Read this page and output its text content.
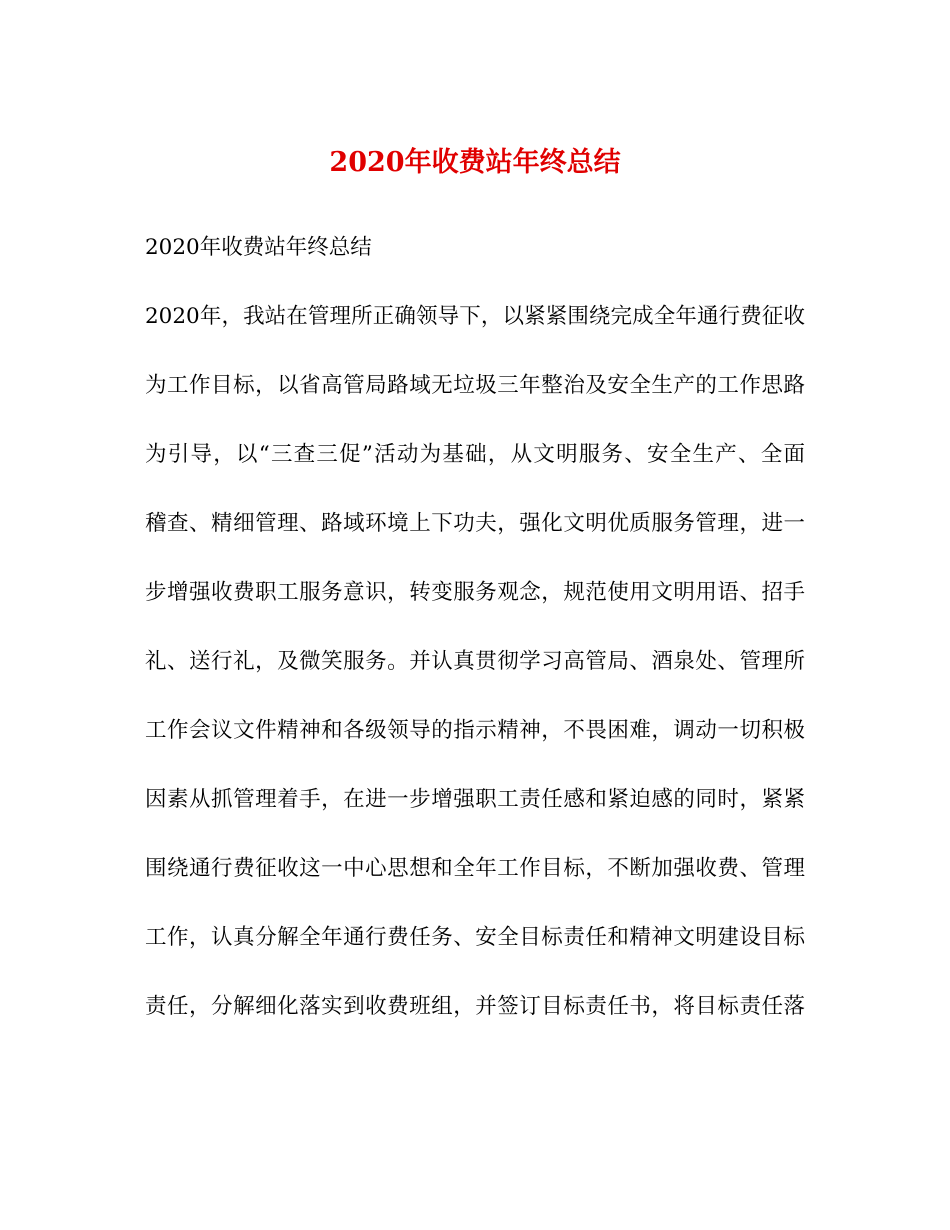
2020年收费站年终总结
2020年收费站年终总结
2020年，我站在管理所正确领导下，以紧紧围绕完成全年通行费征收
为工作目标，以省高管局路域无垃圾三年整治及安全生产的工作思路
为引导，以“三查三促”活动为基础，从文明服务、安全生产、全面
稽查、精细管理、路域环境上下功夫，强化文明优质服务管理，进一
步增强收费职工服务意识，转变服务观念，规范使用文明用语、招手
礼、送行礼，及微笑服务。并认真贯彻学习高管局、酒泉处、管理所
工作会议文件精神和各级领导的指示精神，不畏困难，调动一切积极
因素从抓管理着手，在进一步增强职工责任感和紧迫感的同时，紧紧
围绕通行费征收这一中心思想和全年工作目标，不断加强收费、管理
工作，认真分解全年通行费任务、安全目标责任和精神文明建设目标
责任，分解细化落实到收费班组，并签订目标责任书，将目标责任落
